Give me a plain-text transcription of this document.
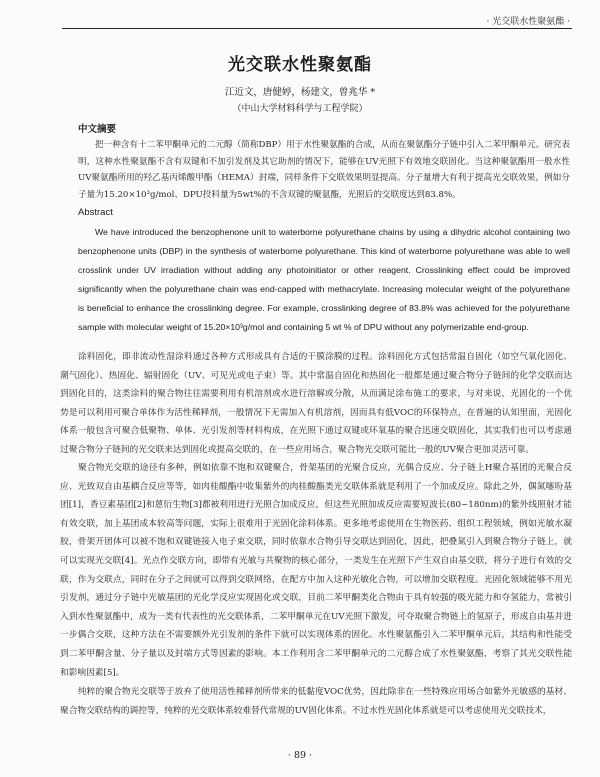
· 光交联水性聚氨酯 ·
光交联水性聚氨酯
江近文，唐健婷，杨建文，曾兆华 *
（中山大学材料科学与工程学院）
中文摘要
把一种含有十二苯甲酮单元的二元醇（简称DBP）用于水性聚氨酯的合成，从而在聚氨酯分子链中引入二苯甲酮单元。研究表明，这种水性聚氨酯不含有双键和不加引发剂及其它助剂的情况下，能够在UV光照下有效地交联固化。当这种聚氨酯用一般水性UV聚氨酯所用的羟乙基丙烯酸甲酯（HEMA）封端，同样条件下交联效果明显提高。分子量增大有利于提高光交联效果，例如分子量为15.20×10³g/mol、DPU投料量为5wt%的不含双键的聚氨酯，光照后的交联度达到83.8%。
Abstract
We have introduced the benzophenone unit to waterborne polyurethane chains by using a dihydric alcohol containing two benzophenone units (DBP) in the synthesis of waterborne polyurethane. This kind of waterborne polyurethane was able to well crosslink under UV irradiation without adding any photoinitiator or other reagent. Crosslinking effect could be improved significantly when the polyurethane chain was end-capped with methacrylate. Increasing molecular weight of the polyurethane is beneficial to enhance the crosslinking degree. For example, crosslinking degree of 83.8% was achieved for the polyurethane sample with molecular weight of 15.20×10³g/mol and containing 5 wt % of DPU without any polymerizable end-group.

涂料固化，即非流动性湿涂料通过各种方式形成具有合适的干膜涂膜的过程。涂料固化方式包括常温自固化（如空气氧化固化、潮气固化）、热固化、辐射固化（UV、可见光或电子束）等。其中常温自固化和热固化一般都是通过聚合物分子链间的化学交联而达到固化目的，这类涂料的聚合物往往需要利用有机溶剂或水进行溶解或分散，从而满足涂布施工的要求，与对来说，光固化的一个优势是可以利用可聚合单体作为活性稀释剂，一般情况下无需加入有机溶剂，因而具有低VOC的环保特点，在普遍的认知里面，光固化体系一般包含可聚合低聚物、单体、光引发剂等材料构成，在光照下通过双键或环氧基的聚合迅速交联固化，其实我们也可以考虑通过聚合物分子链间的光交联来达到固化或提高交联的，在一些应用场合，聚合物光交联可能比一般的UV聚合更加灵活可靠。

聚合物光交联的途径有多种，例如依靠不饱和双键聚合，骨架基团的光聚合反应，光偶合反应、分子链上H聚合基团的光聚合反应、光致双自由基耦合反应等等，如肉桂酸酯中收集紫外的肉桂酸酯类光交联体系就是利用了一个加成反应。除此之外，偶氮噻吩基团[1]，香豆素基团[2]和蒽衍生物[3]都被利用进行光照合加成反应，但这些光照加成反应需要短波长(80~180nm)的紫外线照射才能有效交联，加上基团成本较高等问题，实际上很难用于光固化涂料体系。更多地考虑使用在生物医药、组织工程领域，例如光敏水凝胶，骨架开团体可以被不饱和双键链接入电子束交联，同时依靠水合物引导交联达到固化，因此，把叠氮引入到聚合物分子链上，就可以实现光交联[4]。光点作交联方向，即带有光敏与共聚物的核心部分，一类发生在光照下产生双自由基交联，将分子进行有效的交联，作为交联点，同时在分子之间就可以得到交联网络，在配方中加入这种光敏化合物，可以增加交联程度。光固化领域能够不用光引发剂，通过分子链中光敏基团的光化学反应实现固化或交联，目前二苯甲酮类化合物由于具有较强的吸光能力和夺氢能力，常被引入到水性聚氨酯中，成为一类有代表性的光交联体系，二苯甲酮单元在UV光照下激发，可夺取聚合物链上的氢原子，形成自由基并进一步偶合交联，这种方法在不需要额外光引发剂的条件下就可以实现体系的固化。水性聚氨酯引入二苯甲酮单元后，其结构和性能受到二苯甲酮含量、分子量以及封端方式等因素的影响。本工作利用含二苯甲酮单元的二元醇合成了水性聚氨酯，考察了其光交联性能和影响因素[5]。

纯粹的聚合物光交联等于放弃了使用活性稀释剂所带来的低黏度VOC优势，因此除非在一些特殊应用场合如紫外光敏感的基材、聚合物交联结构的调控等，纯粹的光交联体系较难替代常规的UV固化体系。不过水性光固化体系就是可以考虑使用光交联技术，

· 89 ·
